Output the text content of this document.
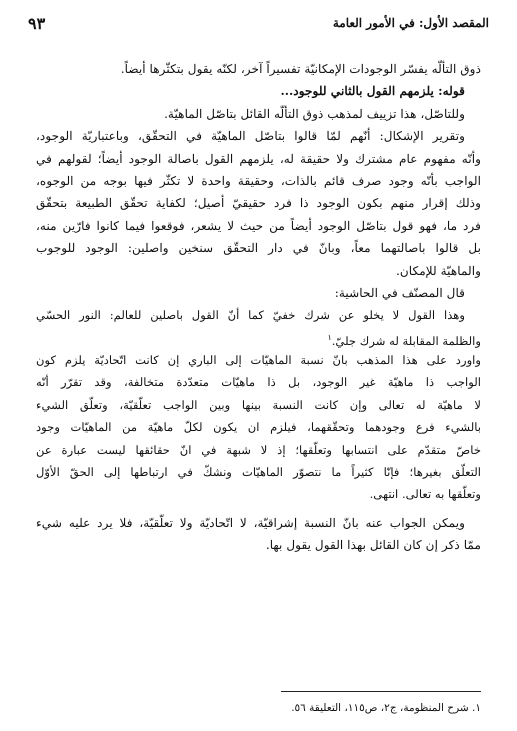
المقصد الأول: في الأمور العامة
٩٣
ذوق التألّه يفسّر الوجودات الإمكانيّة تفسيراً آخر، لكنّه يقول بتكثّرها أيضاً.
قوله: يلزمهم القول بالثاني للوجود...
وللتاصّل، هذا تزييف لمذهب ذوق التألّه القائل بتاصّل الماهيّة.
وتقرير الإشكال: أنّهم لمّا قالوا بتاصّل الماهيّة في التحقّق، وباعتباريّة الوجود،
وأنّه مفهوم عام مشترك ولا حقيقة له، يلزمهم القول باصالة الوجود أيضاً؛ لقولهم في
الواجب بأنّه وجود صرف قائم بالذات، وحقيقة واحدة لا تكثّر فيها بوجه من الوجوه،
وذلك إقرار منهم بكون الوجود ذا فرد حقيقيّ أصيل؛ لكفاية تحقّق الطبيعة بتحقّق
فرد ما، فهو قول بتاصّل الوجود أيضاً من حيث لا يشعر، فوقعوا فيما كانوا فارّين منه،
بل قالوا باصالتهما معاً، وبانّ في دار التحقّق سنخين واصلين: الوجود للوجوب
والماهيّة للإمكان.
قال المصنّف في الحاشية:
وهذا القول لا يخلو عن شرك خفيّ كما أنّ القول باصلين للعالم: النور الحسّي
والظلمة المقابلة له شرك جليّ.$^١$
واورد على هذا المذهب بانّ نسبة الماهيّات إلى الباري إن كانت اتّحاديّة يلزم كون
الواجب ذا ماهيّة غير الوجود، بل ذا ماهيّات متعدّدة متخالفة، وقد تقرّر أنّه
لا ماهيّة له تعالى وإن كانت النسبة بينها وبين الواجب تعلّقيّة، وتعلّق الشيء
بالشيء فرع وجودهما وتحقّقهما، فيلزم ان يكون لكلّ ماهيّة من الماهيّات وجود
خاصّ متقدّم على انتسابها وتعلّقها؛ إذ لا شبهة في انّ حقائقها ليست عبارة عن
التعلّق بغيرها؛ فإنّا كثيراً ما نتصوّر الماهيّات ونشكّ في ارتباطها إلى الحقّ الأوّل
وتعلّقها به تعالى. انتهى.
ويمكن الجواب عنه بانّ النسبة إشراقيّة، لا اتّحاديّة ولا تعلّقيّة، فلا يرد عليه شيء
ممّا ذكر إن كان القائل بهذا القول يقول بها.
١. شرح المنظومة، ج٢، ص١١٥، التعليقة ٥٦.
